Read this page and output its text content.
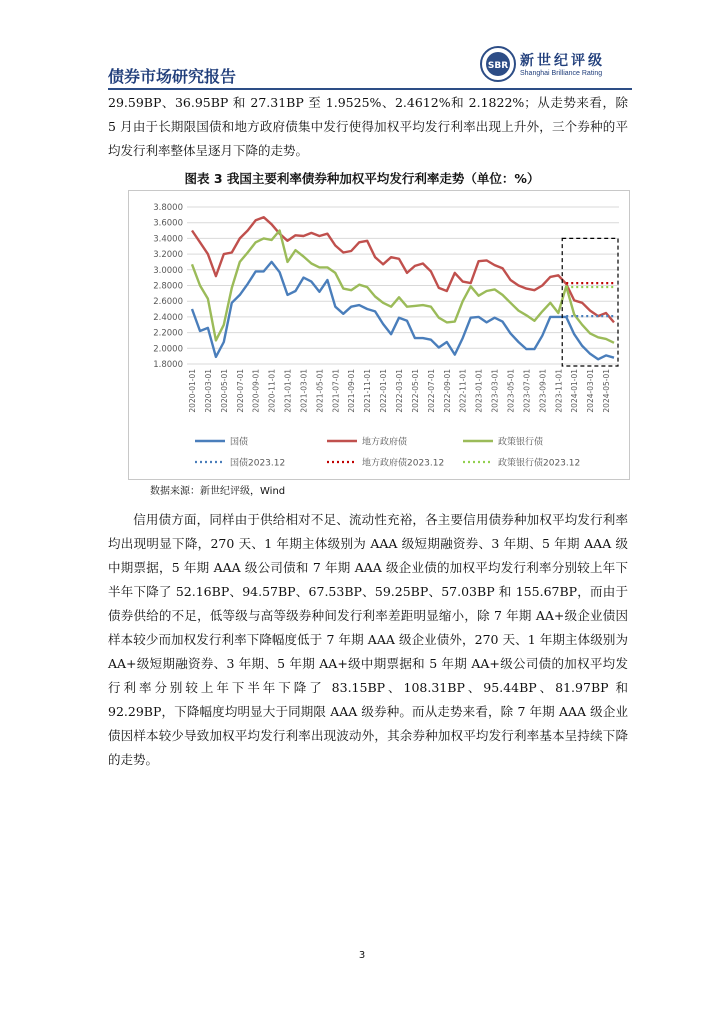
债券市场研究报告
SBR 新世纪评级
Shanghai Brilliance Rating
29.59BP、36.95BP 和 27.31BP 至 1.9525%、2.4612%和 2.1822%；从走势来看，除 5 月由于长期限国债和地方政府债集中发行使得加权平均发行利率出现上升外，三个券种的平均发行利率整体呈逐月下降的走势。
图表 3 我国主要利率债券种加权平均发行利率走势（单位：%）
3.8000
3.6000
3.4000
3.2000
3.0000
2.8000
2.6000
2.4000
2.2000
2.0000
1.8000
2020-01-01 2020-03-01 2020-05-01 2020-07-01 2020-09-01 2020-11-01 2021-01-01 2021-03-01 2021-05-01 2021-07-01 2021-09-01 2021-11-01 2022-01-01 2022-03-01 2022-05-01 2022-07-01 2022-09-01 2022-11-01 2023-01-01 2023-03-01 2023-05-01 2023-07-01 2023-09-01 2023-11-01 2024-01-01 2024-03-01 2024-05-01
国债	地方政府债	政策银行债
国债2023.12	地方政府债2023.12	政策银行债2023.12
数据来源：新世纪评级，Wind
信用债方面，同样由于供给相对不足、流动性充裕，各主要信用债券种加权平均发行利率均出现明显下降，270 天、1 年期主体级别为 AAA 级短期融资券、3 年期、5 年期 AAA 级中期票据，5 年期 AAA 级公司债和 7 年期 AAA 级企业债的加权平均发行利率分别较上年下半年下降了 52.16BP、94.57BP、67.53BP、59.25BP、57.03BP 和 155.67BP，而由于债券供给的不足，低等级与高等级券种间发行利率差距明显缩小，除 7 年期 AA+级企业债因样本较少而加权发行利率下降幅度低于 7 年期 AAA 级企业债外，270 天、1 年期主体级别为 AA+级短期融资券、3 年期、5 年期 AA+级中期票据和 5 年期 AA+级公司债的加权平均发行利率分别较上年下半年下降了 83.15BP、108.31BP、95.44BP、81.97BP 和 92.29BP，下降幅度均明显大于同期限 AAA 级券种。而从走势来看，除 7 年期 AAA 级企业债因样本较少导致加权平均发行利率出现波动外，其余券种加权平均发行利率基本呈持续下降的走势。
3
